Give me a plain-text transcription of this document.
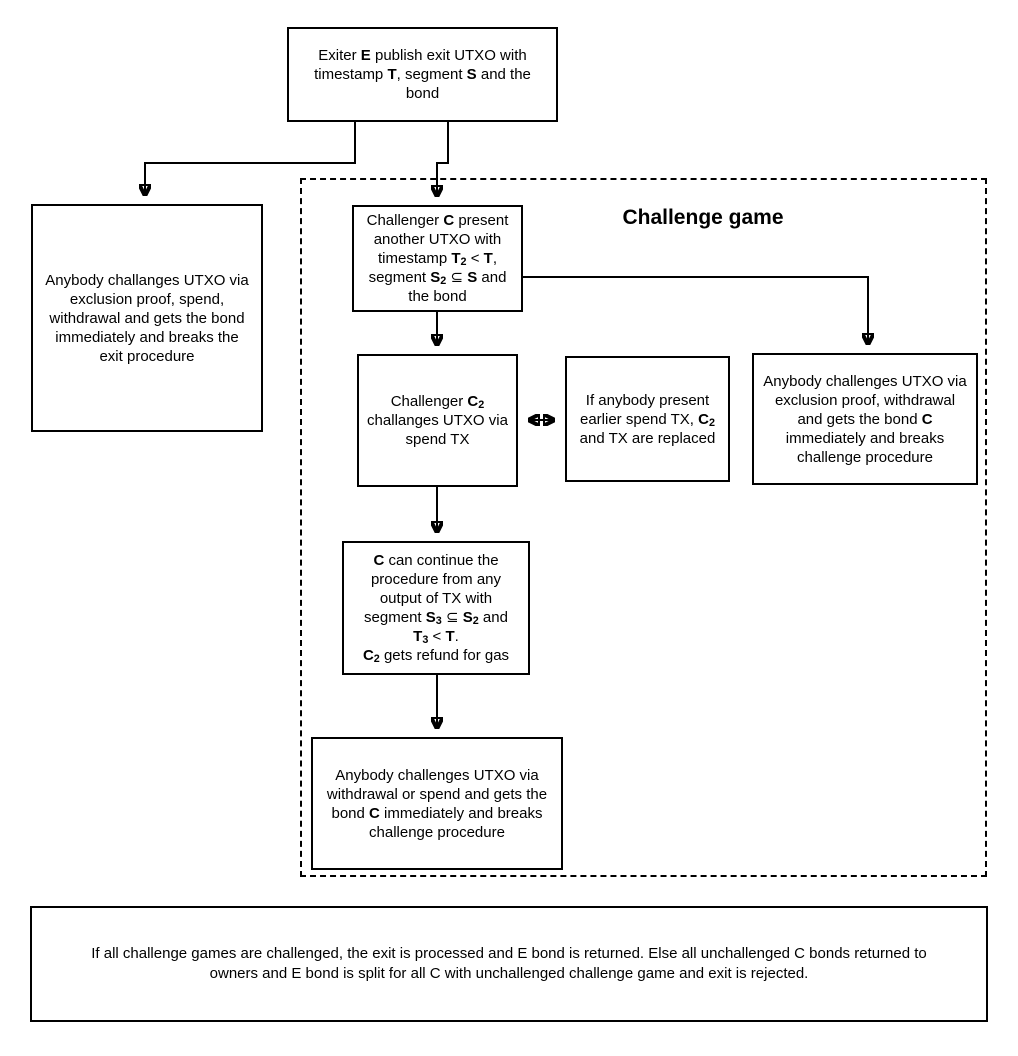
Challenge game

Exiter E publish exit UTXO with
timestamp T, segment S and the
bond

Anybody challanges UTXO via
exclusion proof, spend,
withdrawal and gets the bond
immediately and breaks the
exit procedure

Challenger C present
another UTXO with
timestamp $T_2 < T$,
segment $S_2$ ⊆ S and
the bond

Challenger $C_2$
challanges UTXO via
spend TX

If anybody present
earlier spend TX, $C_2$
and TX are replaced

Anybody challenges UTXO via
exclusion proof, withdrawal
and gets the bond C
immediately and breaks
challenge procedure

C can continue the
procedure from any
output of TX with
segment $S_3$ ⊆ $S_2$ and
$T_3 < T$.
$C_2$ gets refund for gas

Anybody challenges UTXO via
withdrawal or spend and gets the
bond C immediately and breaks
challenge procedure

If all challenge games are challenged, the exit is processed and E bond is returned. Else all unchallenged C bonds returned to
owners and E bond is split for all C with unchallenged challenge game and exit is rejected.
